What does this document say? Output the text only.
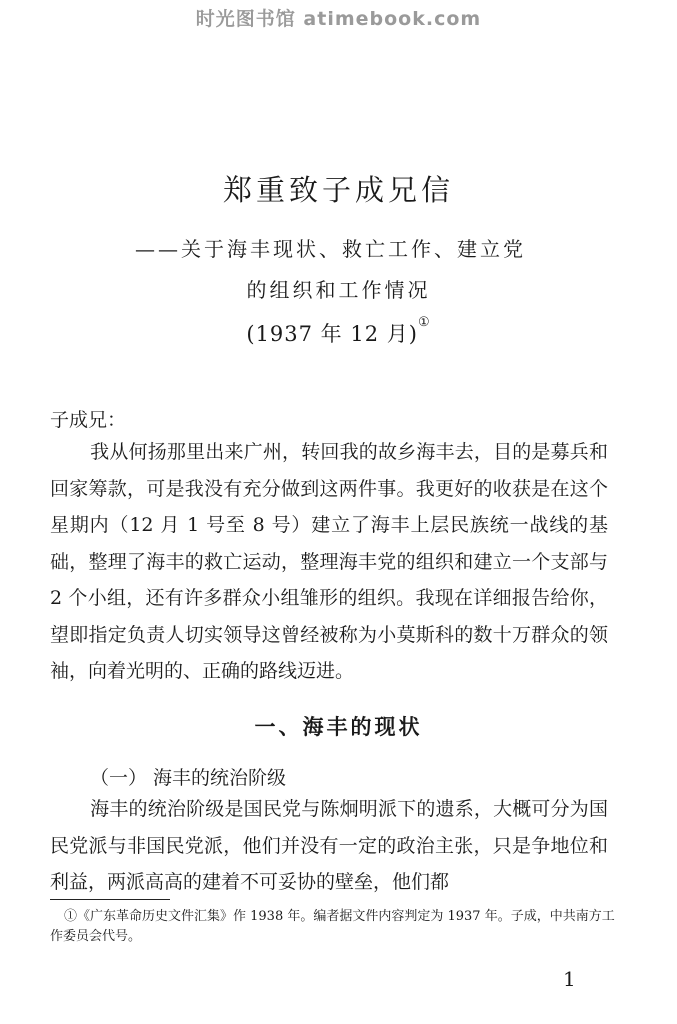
时光图书馆 atimebook.com
郑重致子成兄信
——关于海丰现状、救亡工作、建立党
的组织和工作情况
(1937 年 12 月)①
子成兄：
我从何扬那里出来广州，转回我的故乡海丰去，目的是募兵和回家筹款，可是我没有充分做到这两件事。我更好的收获是在这个星期内（12 月 1 号至 8 号）建立了海丰上层民族统一战线的基础，整理了海丰的救亡运动，整理海丰党的组织和建立一个支部与 2 个小组，还有许多群众小组雏形的组织。我现在详细报告给你，望即指定负责人切实领导这曾经被称为小莫斯科的数十万群众的领袖，向着光明的、正确的路线迈进。
一、海丰的现状
（一） 海丰的统治阶级
海丰的统治阶级是国民党与陈炯明派下的遗系，大概可分为国民党派与非国民党派，他们并没有一定的政治主张，只是争地位和利益，两派高高的建着不可妥协的壁垒，他们都
①《广东革命历史文件汇集》作 1938 年。编者据文件内容判定为 1937 年。子成，中共南方工作委员会代号。
1
